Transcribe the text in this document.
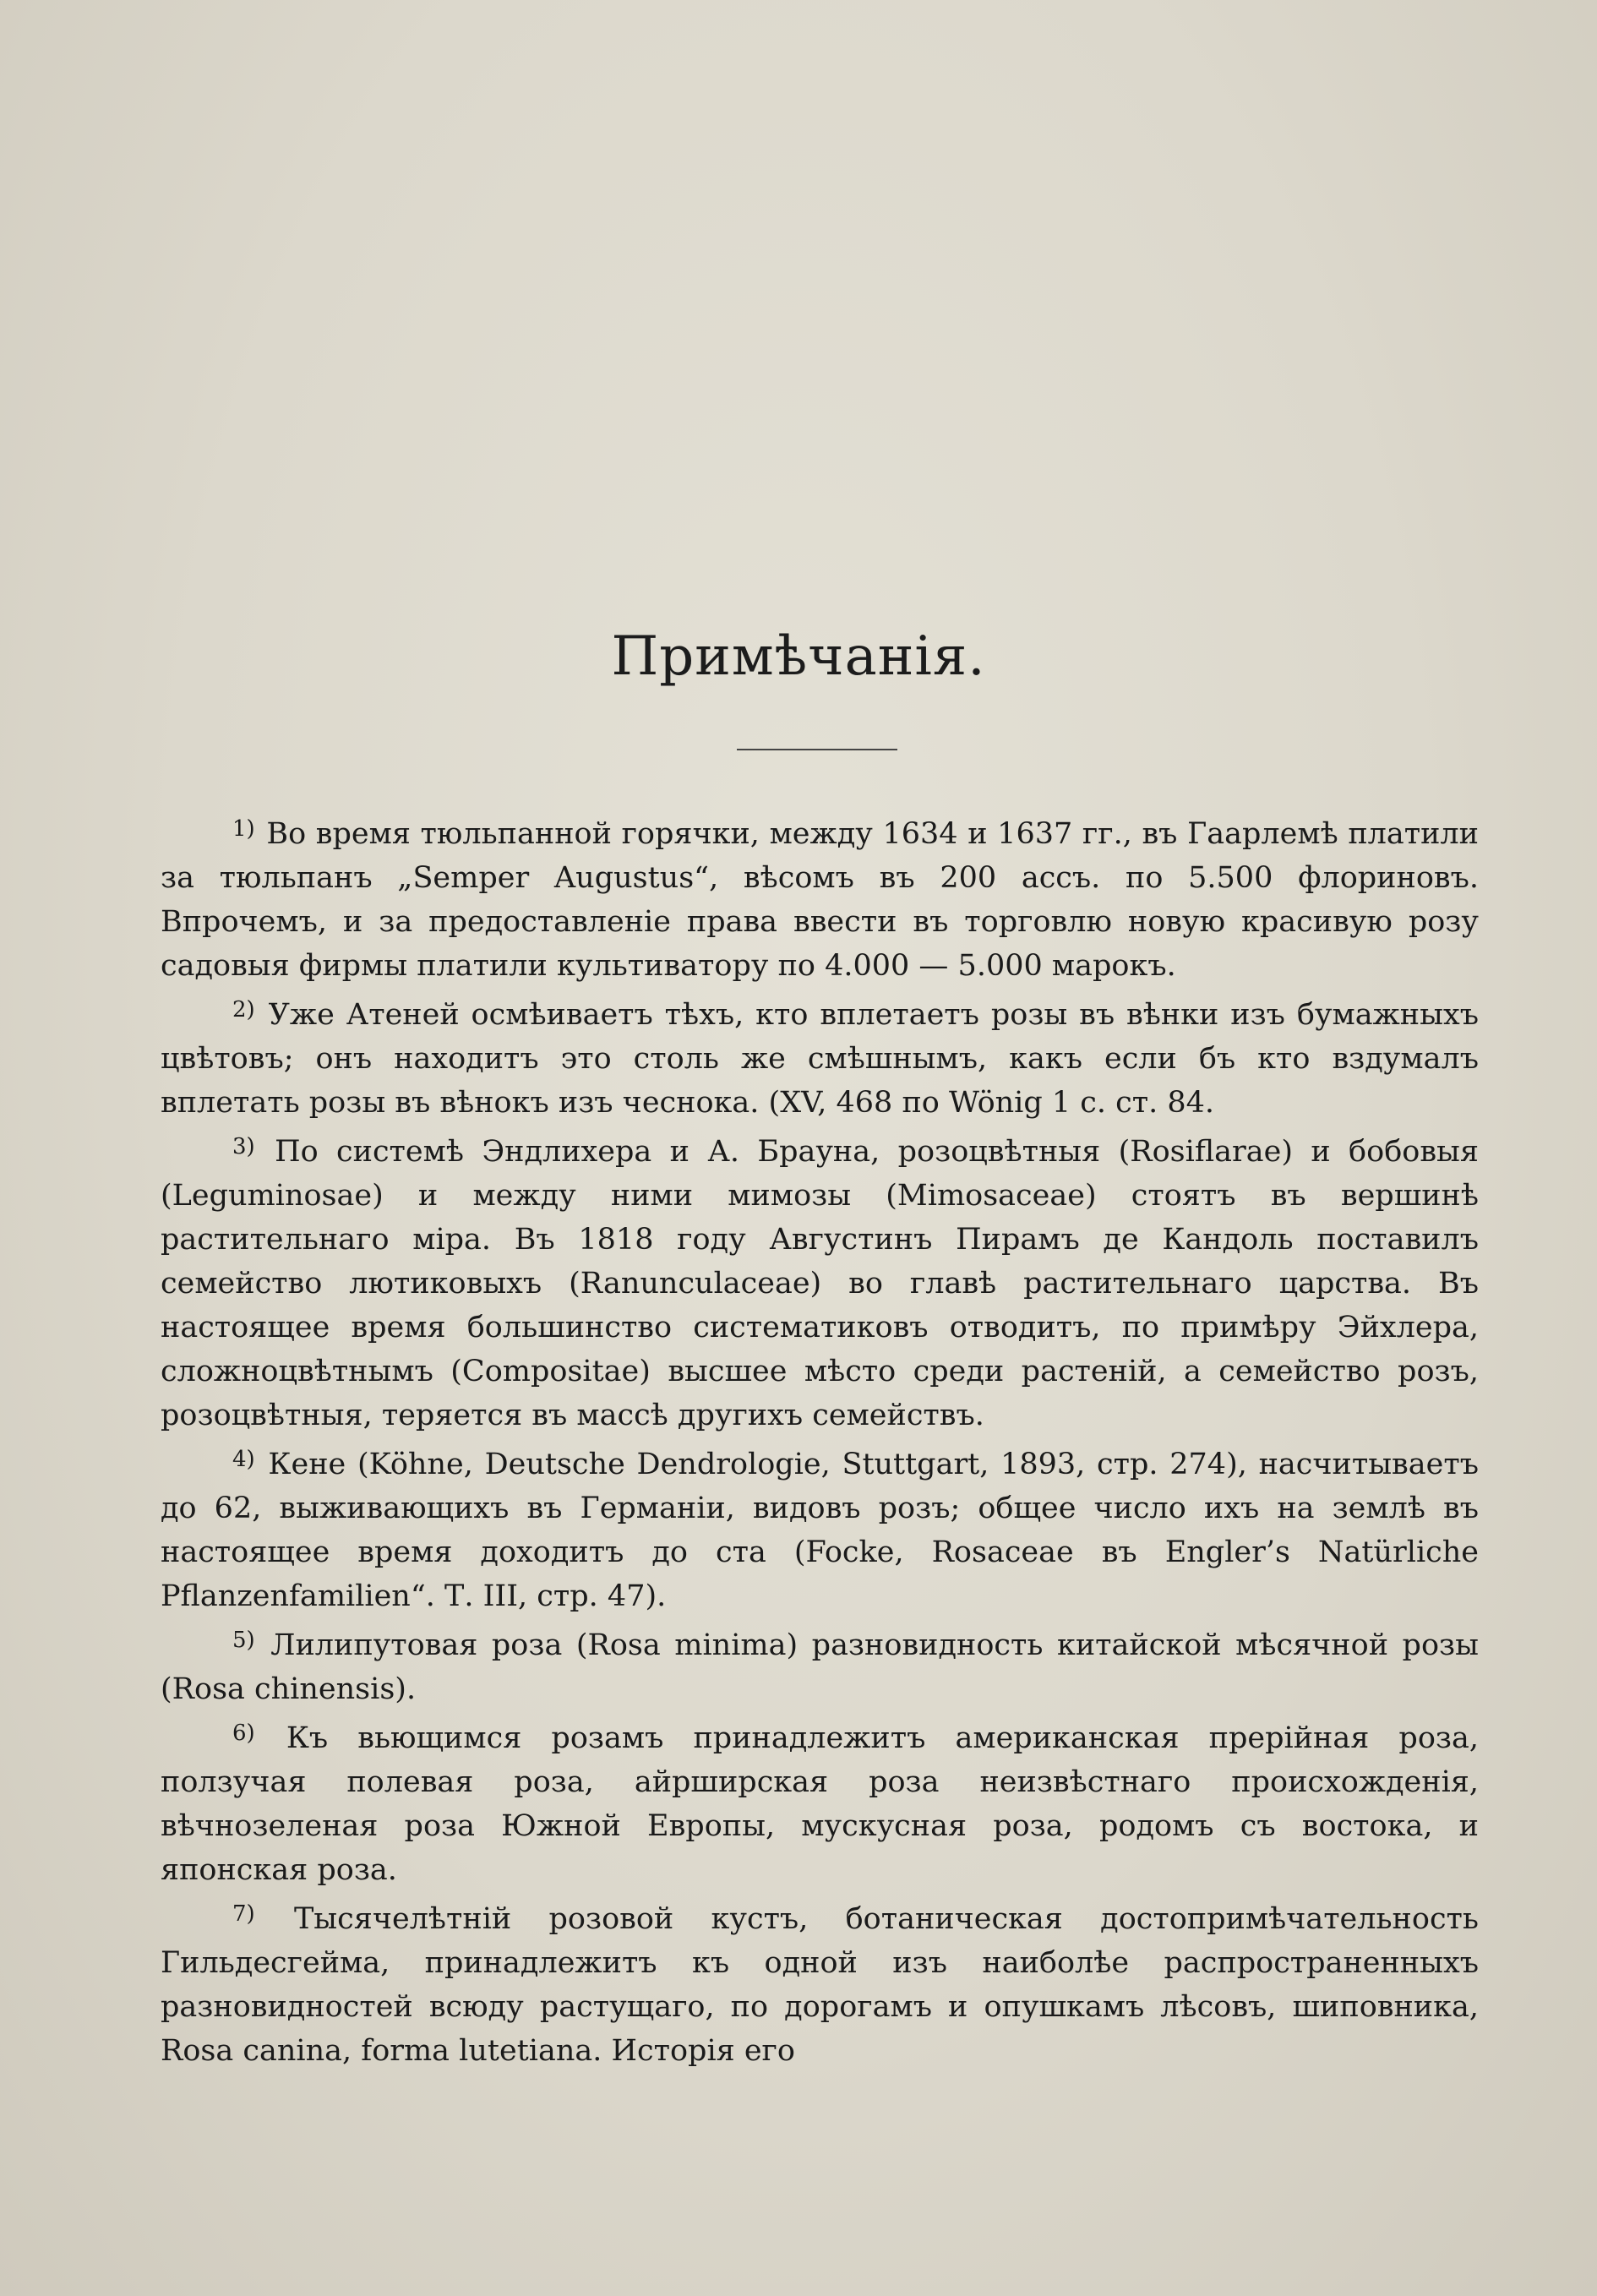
Примѣчанія.

$^{1)}$ Во время тюльпанной горячки, между 1634 и 1637 гг., въ Гаарлемѣ платили за тюльпанъ „Semper Augustus“, вѣсомъ въ 200 ассъ. по 5.500 флориновъ. Впрочемъ, и за предоставленіе права ввести въ торговлю новую красивую розу садовыя фирмы платили культиватору по 4.000 — 5.000 марокъ.

$^{2)}$ Уже Атеней осмѣиваетъ тѣхъ, кто вплетаетъ розы въ вѣнки изъ бумажныхъ цвѣтовъ; онъ находитъ это столь же смѣшнымъ, какъ если бъ кто вздумалъ вплетать розы въ вѣнокъ изъ чеснока. (XV, 468 по Wönig 1 с. ст. 84.

$^{3)}$ По системѣ Эндлихера и А. Брауна, розоцвѣтныя (Rosiflarae) и бобовыя (Leguminosae) и между ними мимозы (Mimosaceae) стоятъ въ вершинѣ растительнаго міра. Въ 1818 году Августинъ Пирамъ де Кандоль поставилъ семейство лютиковыхъ (Ranunculaceae) во главѣ растительнаго царства. Въ настоящее время большинство систематиковъ отводитъ, по примѣру Эйхлера, сложноцвѣтнымъ (Compositae) высшее мѣсто среди растеній, а семейство розъ, розоцвѣтныя, теряется въ массѣ другихъ семействъ.

$^{4)}$ Кене (Köhne, Deutsche Dendrologie, Stuttgart, 1893, стр. 274), насчитываетъ до 62, выживающихъ въ Германіи, видовъ розъ; общее число ихъ на землѣ въ настоящее время доходитъ до ста (Focke, Rosaceae въ Engler’s Natürliche Pflanzenfamilien“. Т. III, стр. 47).

$^{5)}$ Лилипутовая роза (Rosa minima) разновидность китайской мѣсячной розы (Rosa chinensis).

$^{6)}$ Къ вьющимся розамъ принадлежитъ американская прерійная роза, ползучая полевая роза, айрширская роза неизвѣстнаго происхожденія, вѣчнозеленая роза Южной Европы, мускусная роза, родомъ съ востока, и японская роза.

$^{7)}$ Тысячелѣтній розовой кустъ, ботаническая достопримѣчательность Гильдесгейма, принадлежитъ къ одной изъ наиболѣе распространенныхъ разновидностей всюду растущаго, по дорогамъ и опушкамъ лѣсовъ, шиповника, Rosa canina, forma lutetiana. Исторія его
